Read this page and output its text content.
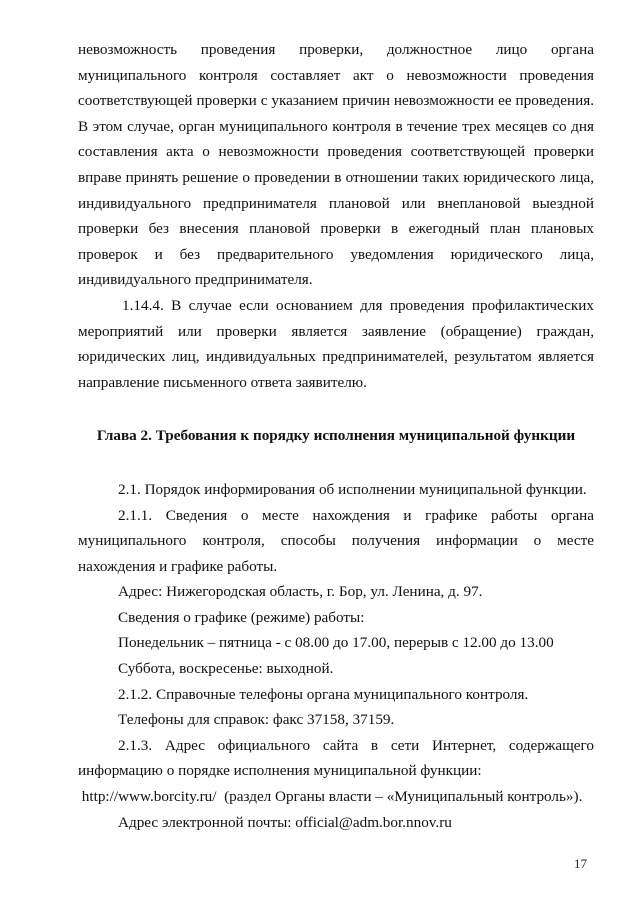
невозможность проведения проверки, должностное лицо органа муниципального контроля составляет акт о невозможности проведения соответствующей проверки с указанием причин невозможности ее проведения. В этом случае, орган муниципального контроля в течение трех месяцев со дня составления акта о невозможности проведения соответствующей проверки вправе принять решение о проведении в отношении таких юридического лица, индивидуального предпринимателя плановой или внеплановой выездной проверки без внесения плановой проверки в ежегодный план плановых проверок и без предварительного уведомления юридического лица, индивидуального предпринимателя.

1.14.4. В случае если основанием для проведения профилактических мероприятий или проверки является заявление (обращение) граждан, юридических лиц, индивидуальных предпринимателей, результатом является направление письменного ответа заявителю.

Глава 2. Требования к порядку исполнения муниципальной функции

2.1. Порядок информирования об исполнении муниципальной функции.

2.1.1. Сведения о месте нахождения и графике работы органа муниципального контроля, способы получения информации о месте нахождения и графике работы.

Адрес: Нижегородская область, г. Бор, ул. Ленина, д. 97.

Сведения о графике (режиме) работы:

Понедельник – пятница - с 08.00 до 17.00, перерыв с 12.00 до 13.00

Суббота, воскресенье: выходной.

2.1.2. Справочные телефоны органа муниципального контроля.

Телефоны для справок: факс 37158, 37159.

2.1.3. Адрес официального сайта в сети Интернет, содержащего информацию о порядке исполнения муниципальной функции:

http://www.borcity.ru/ (раздел Органы власти – «Муниципальный контроль»).

Адрес электронной почты: official@adm.bor.nnov.ru

17
